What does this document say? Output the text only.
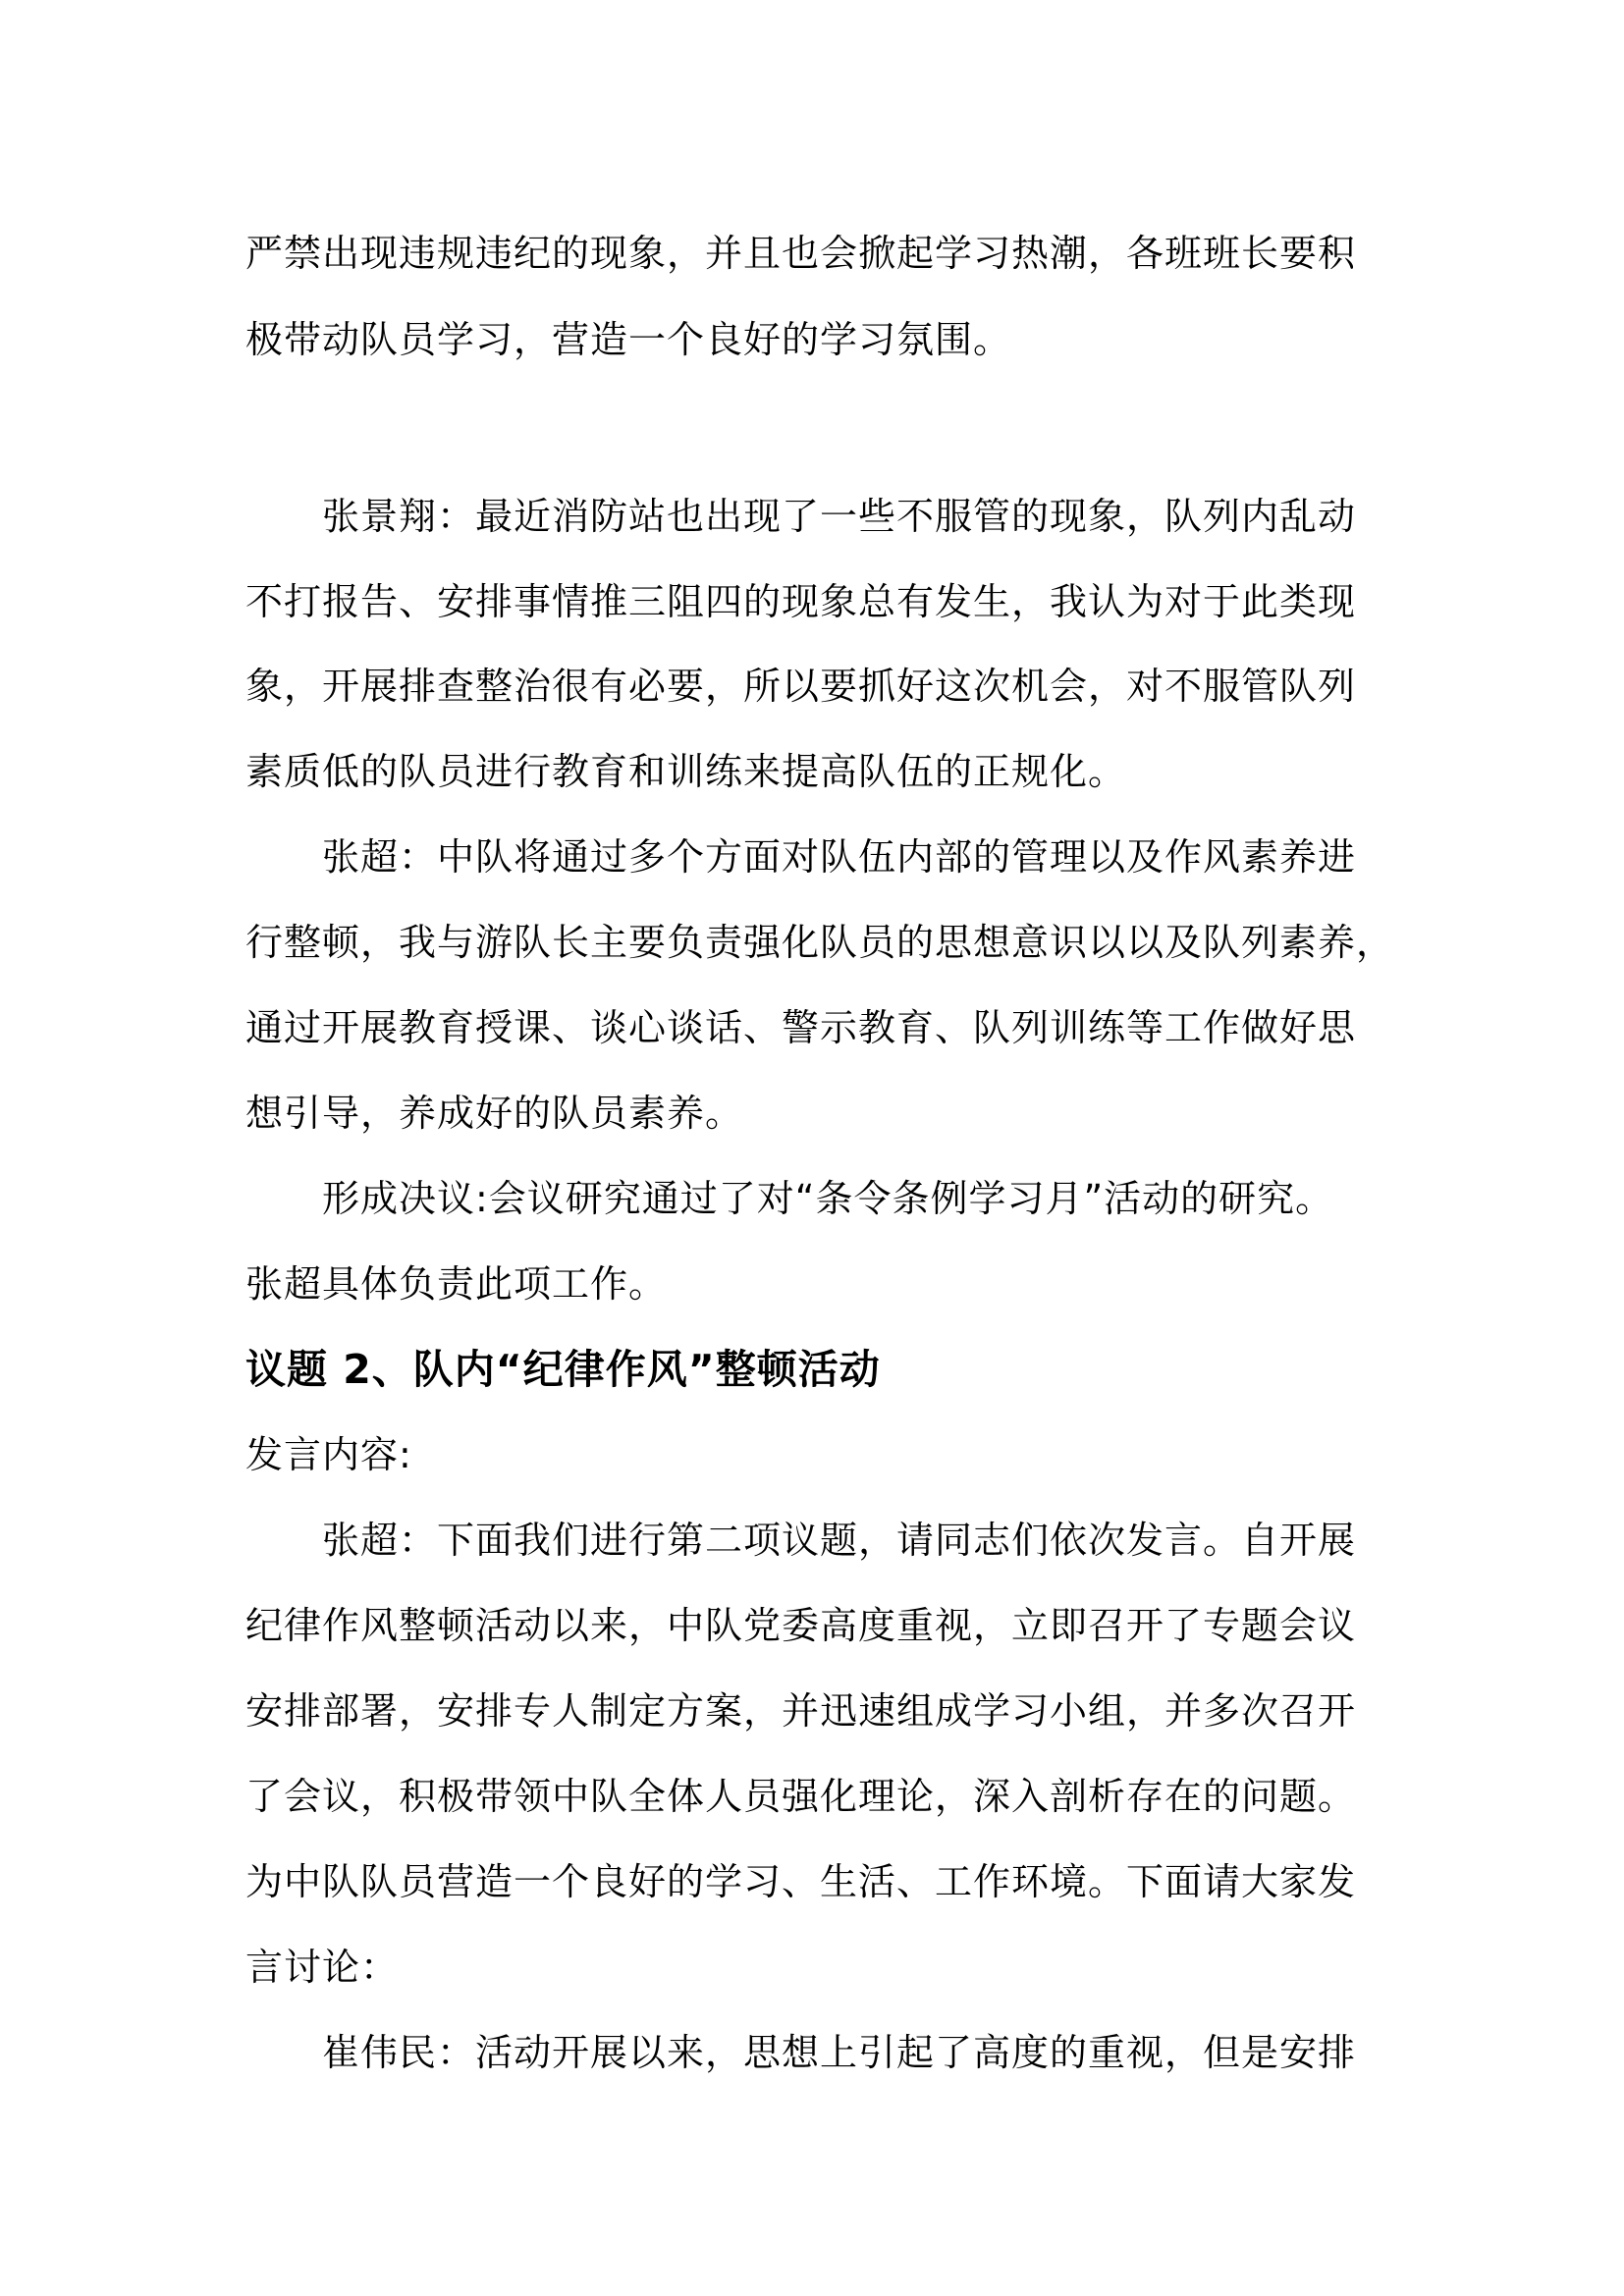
严禁出现违规违纪的现象，并且也会掀起学习热潮，各班班长要积
极带动队员学习，营造一个良好的学习氛围。
张景翔：最近消防站也出现了一些不服管的现象，队列内乱动
不打报告、安排事情推三阻四的现象总有发生，我认为对于此类现
象，开展排查整治很有必要，所以要抓好这次机会，对不服管队列
素质低的队员进行教育和训练来提高队伍的正规化。
张超：中队将通过多个方面对队伍内部的管理以及作风素养进
行整顿，我与游队长主要负责强化队员的思想意识以以及队列素养，
通过开展教育授课、谈心谈话、警示教育、队列训练等工作做好思
想引导，养成好的队员素养。
形成决议:会议研究通过了对“条令条例学习月”活动的研究。
张超具体负责此项工作。
议题 2、队内“纪律作风”整顿活动
发言内容:
张超：下面我们进行第二项议题，请同志们依次发言。自开展
纪律作风整顿活动以来，中队党委高度重视，立即召开了专题会议
安排部署，安排专人制定方案，并迅速组成学习小组，并多次召开
了会议，积极带领中队全体人员强化理论，深入剖析存在的问题。
为中队队员营造一个良好的学习、生活、工作环境。下面请大家发
言讨论：
崔伟民：活动开展以来，思想上引起了高度的重视，但是安排
